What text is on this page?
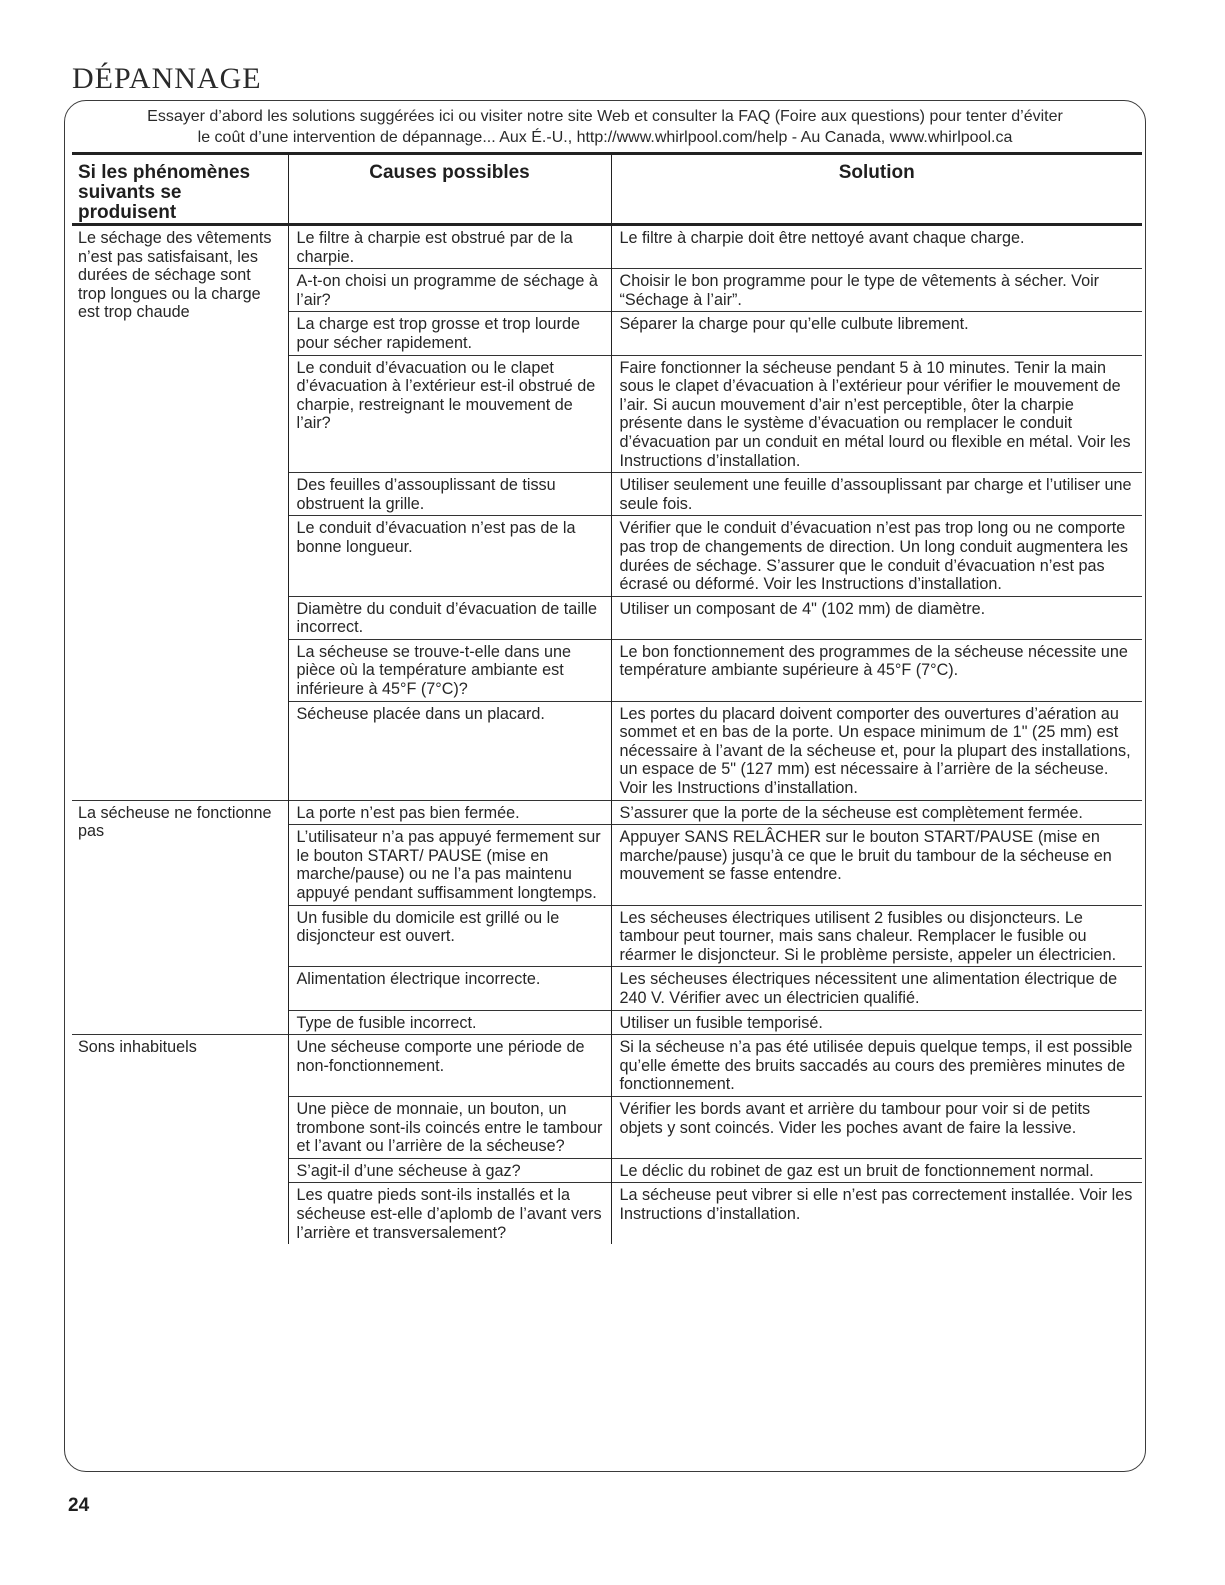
DÉPANNAGE
Essayer d’abord les solutions suggérées ici ou visiter notre site Web et consulter la FAQ (Foire aux questions) pour tenter d’éviter
le coût d’une intervention de dépannage... Aux É.-U., http://www.whirlpool.com/help - Au Canada, www.whirlpool.ca
Si les phénomènes suivants se produisent	Causes possibles	Solution
Le séchage des vêtements n’est pas satisfaisant, les durées de séchage sont trop longues ou la charge est trop chaude	Le filtre à charpie est obstrué par de la charpie.	Le filtre à charpie doit être nettoyé avant chaque charge.
	A-t-on choisi un programme de séchage à l’air?	Choisir le bon programme pour le type de vêtements à sécher. Voir “Séchage à l’air”.
	La charge est trop grosse et trop lourde pour sécher rapidement.	Séparer la charge pour qu’elle culbute librement.
	Le conduit d’évacuation ou le clapet d’évacuation à l’extérieur est-il obstrué de charpie, restreignant le mouvement de l’air?	Faire fonctionner la sécheuse pendant 5 à 10 minutes. Tenir la main sous le clapet d’évacuation à l’extérieur pour vérifier le mouvement de l’air. Si aucun mouvement d’air n’est perceptible, ôter la charpie présente dans le système d’évacuation ou remplacer le conduit d’évacuation par un conduit en métal lourd ou flexible en métal. Voir les Instructions d’installation.
	Des feuilles d’assouplissant de tissu obstruent la grille.	Utiliser seulement une feuille d’assouplissant par charge et l’utiliser une seule fois.
	Le conduit d’évacuation n’est pas de la bonne longueur.	Vérifier que le conduit d’évacuation n’est pas trop long ou ne comporte pas trop de changements de direction. Un long conduit augmentera les durées de séchage. S’assurer que le conduit d’évacuation n’est pas écrasé ou déformé. Voir les Instructions d’installation.
	Diamètre du conduit d’évacuation de taille incorrect.	Utiliser un composant de 4" (102 mm) de diamètre.
	La sécheuse se trouve-t-elle dans une pièce où la température ambiante est inférieure à 45°F (7°C)?	Le bon fonctionnement des programmes de la sécheuse nécessite une température ambiante supérieure à 45°F (7°C).
	Sécheuse placée dans un placard.	Les portes du placard doivent comporter des ouvertures d’aération au sommet et en bas de la porte. Un espace minimum de 1" (25 mm) est nécessaire à l’avant de la sécheuse et, pour la plupart des installations, un espace de 5" (127 mm) est nécessaire à l’arrière de la sécheuse. Voir les Instructions d’installation.
La sécheuse ne fonctionne pas	La porte n’est pas bien fermée.	S’assurer que la porte de la sécheuse est complètement fermée.
	L’utilisateur n’a pas appuyé fermement sur le bouton START/ PAUSE (mise en marche/pause) ou ne l’a pas maintenu appuyé pendant suffisamment longtemps.	Appuyer SANS RELÂCHER sur le bouton START/PAUSE (mise en marche/pause) jusqu’à ce que le bruit du tambour de la sécheuse en mouvement se fasse entendre.
	Un fusible du domicile est grillé ou le disjoncteur est ouvert.	Les sécheuses électriques utilisent 2 fusibles ou disjoncteurs. Le tambour peut tourner, mais sans chaleur. Remplacer le fusible ou réarmer le disjoncteur. Si le problème persiste, appeler un électricien.
	Alimentation électrique incorrecte.	Les sécheuses électriques nécessitent une alimentation électrique de 240 V. Vérifier avec un électricien qualifié.
	Type de fusible incorrect.	Utiliser un fusible temporisé.
Sons inhabituels	Une sécheuse comporte une période de non-fonctionnement.	Si la sécheuse n’a pas été utilisée depuis quelque temps, il est possible qu’elle émette des bruits saccadés au cours des premières minutes de fonctionnement.
	Une pièce de monnaie, un bouton, un trombone sont-ils coincés entre le tambour et l’avant ou l’arrière de la sécheuse?	Vérifier les bords avant et arrière du tambour pour voir si de petits objets y sont coincés. Vider les poches avant de faire la lessive.
	S’agit-il d’une sécheuse à gaz?	Le déclic du robinet de gaz est un bruit de fonctionnement normal.
	Les quatre pieds sont-ils installés et la sécheuse est-elle d’aplomb de l’avant vers l’arrière et transversalement?	La sécheuse peut vibrer si elle n’est pas correctement installée. Voir les Instructions d’installation.
24
